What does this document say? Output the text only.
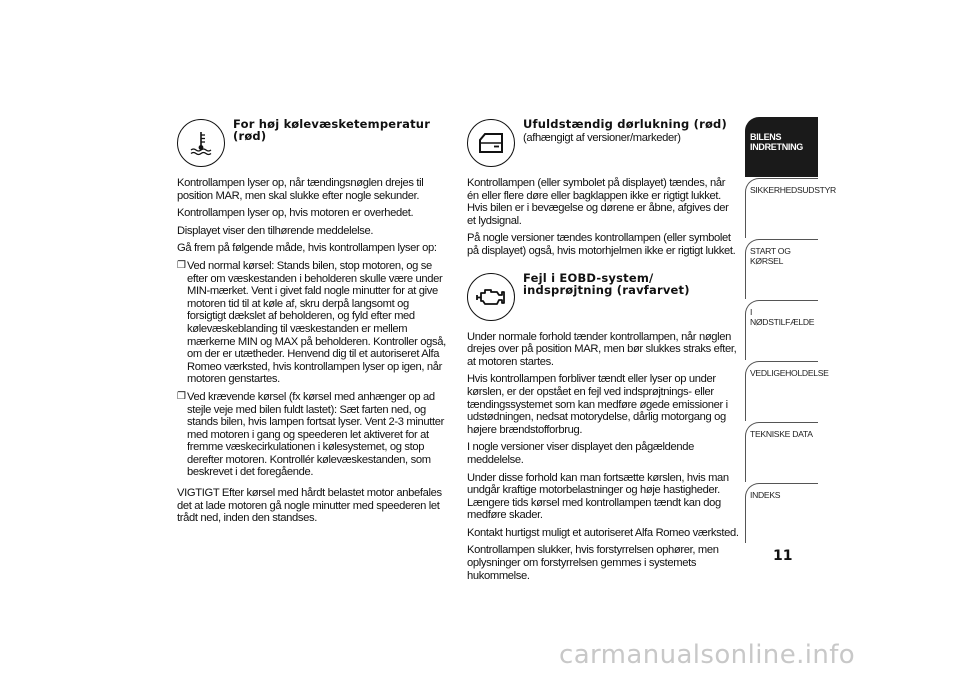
For høj kølevæsketemperatur (rød)

Kontrollampen lyser op, når tændingsnøglen drejes til position MAR, men skal slukke efter nogle sekunder.

Kontrollampen lyser op, hvis motoren er overhedet.

Displayet viser den tilhørende meddelelse.

Gå frem på følgende måde, hvis kontrollampen lyser op:

❒ Ved normal kørsel: Stands bilen, stop motoren, og se efter om væskestanden i beholderen skulle være under MIN-mærket. Vent i givet fald nogle minutter for at give motoren tid til at køle af, skru derpå langsomt og forsigtigt dækslet af beholderen, og fyld efter med kølevæskeblanding til væskestanden er mellem mærkerne MIN og MAX på beholderen. Kontroller også, om der er utætheder. Henvend dig til et autoriseret Alfa Romeo værksted, hvis kontrollampen lyser op igen, når motoren genstartes.
❒ Ved krævende kørsel (fx kørsel med anhænger op ad stejle veje med bilen fuldt lastet): Sæt farten ned, og stands bilen, hvis lampen fortsat lyser. Vent 2-3 minutter med motoren i gang og speederen let aktiveret for at fremme væskecirkulationen i kølesystemet, og stop derefter motoren. Kontrollér kølevæskestanden, som beskrevet i det foregående.

VIGTIGT Efter kørsel med hårdt belastet motor anbefales det at lade motoren gå nogle minutter med speederen let trådt ned, inden den standses.

Ufuldstændig dørlukning (rød)
(afhængigt af versioner/markeder)

Kontrollampen (eller symbolet på displayet) tændes, når én eller flere døre eller bagklappen ikke er rigtigt lukket. Hvis bilen er i bevægelse og dørene er åbne, afgives der et lydsignal.

På nogle versioner tændes kontrollampen (eller symbolet på displayet) også, hvis motorhjelmen ikke er rigtigt lukket.

Fejl i EOBD-system/ indsprøjtning (ravfarvet)

Under normale forhold tænder kontrollampen, når nøglen drejes over på position MAR, men bør slukkes straks efter, at motoren startes.

Hvis kontrollampen forbliver tændt eller lyser op under kørslen, er der opstået en fejl ved indsprøjtnings- eller tændingssystemet som kan medføre øgede emissioner i udstødningen, nedsat motorydelse, dårlig motorgang og højere brændstofforbrug.

I nogle versioner viser displayet den pågældende meddelelse.

Under disse forhold kan man fortsætte kørslen, hvis man undgår kraftige motorbelastninger og høje hastigheder. Længere tids kørsel med kontrollampen tændt kan dog medføre skader.

Kontakt hurtigst muligt et autoriseret Alfa Romeo værksted.

Kontrollampen slukker, hvis forstyrrelsen ophører, men oplysninger om forstyrrelsen gemmes i systemets hukommelse.

BILENS INDRETNING
SIKKERHEDSUDSTYR
START OG KØRSEL
I NØDSTILFÆLDE
VEDLIGEHOLDELSE
TEKNISKE DATA
INDEKS
11
carmanualsonline.info
